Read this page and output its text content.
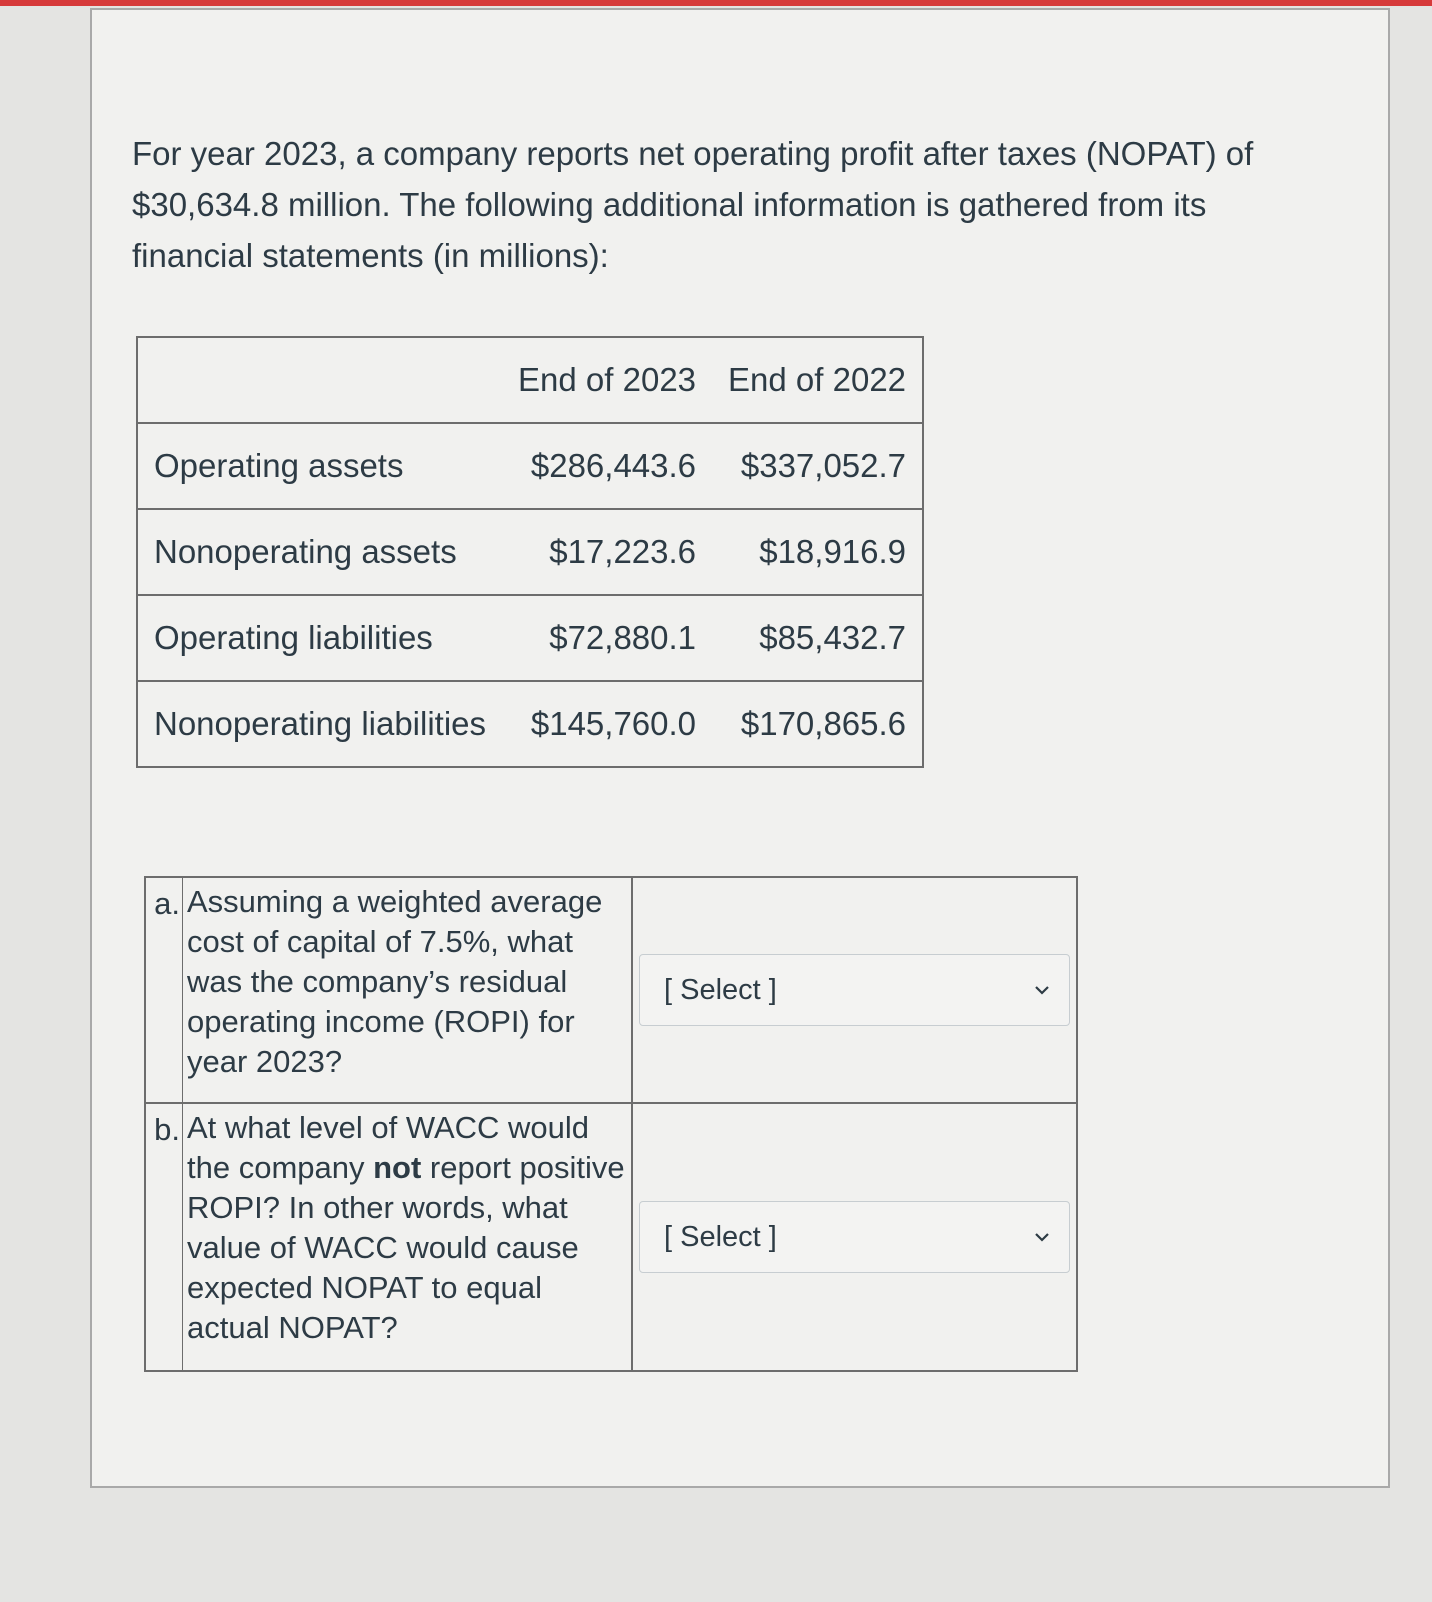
For year 2023, a company reports net operating profit after taxes (NOPAT) of
$30,634.8 million. The following additional information is gathered from its
financial statements (in millions):

	End of 2023	End of 2022
Operating assets	$286,443.6	$337,052.7
Nonoperating assets	$17,223.6	$18,916.9
Operating liabilities	$72,880.1	$85,432.7
Nonoperating liabilities	$145,760.0	$170,865.6
a.	Assuming a weighted average cost of capital of 7.5%, what was the company’s residual operating income (ROPI) for year 2023?	[ Select ]

b.	At what level of WACC would the company not report positive ROPI? In other words, what value of WACC would cause expected NOPAT to equal actual NOPAT?	[ Select ]
